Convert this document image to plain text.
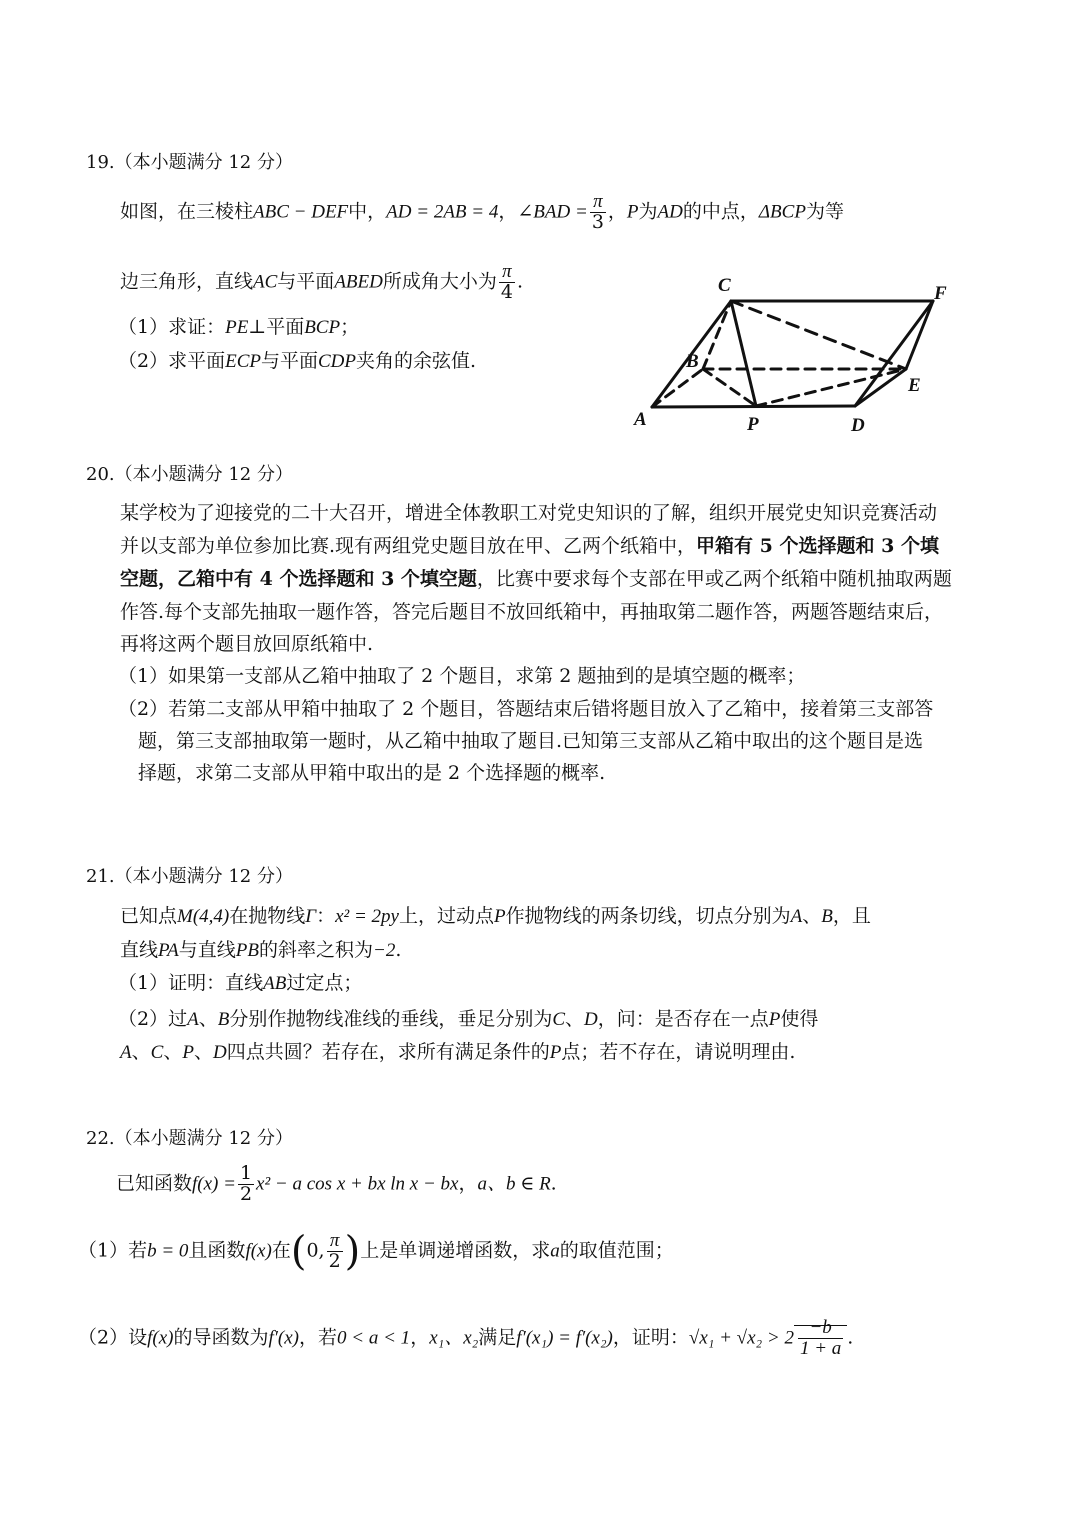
19.（本小题满分 12 分）
如图，在三棱柱ABC − DEF中，AD = 2AB = 4，∠BAD = $\frac{\pi}{3}$ ，P为AD的中点，ΔBCP为等
边三角形，直线AC与平面ABED所成角大小为 $\frac{\pi}{4}$ .
（1）求证：PE⊥平面BCP；
（2）求平面ECP与平面CDP夹角的余弦值.
C	F
B
E
A	P	D
20.（本小题满分 12 分）
某学校为了迎接党的二十大召开，增进全体教职工对党史知识的了解，组织开展党史知识竞赛活动
并以支部为单位参加比赛.现有两组党史题目放在甲、乙两个纸箱中，甲箱有 5 个选择题和 3 个填
空题，乙箱中有 4 个选择题和 3 个填空题，比赛中要求每个支部在甲或乙两个纸箱中随机抽取两题
作答.每个支部先抽取一题作答，答完后题目不放回纸箱中，再抽取第二题作答，两题答题结束后，
再将这两个题目放回原纸箱中.
（1）如果第一支部从乙箱中抽取了 2 个题目，求第 2 题抽到的是填空题的概率；
（2）若第二支部从甲箱中抽取了 2 个题目，答题结束后错将题目放入了乙箱中，接着第三支部答
题，第三支部抽取第一题时，从乙箱中抽取了题目.已知第三支部从乙箱中取出的这个题目是选
择题，求第二支部从甲箱中取出的是 2 个选择题的概率.
21.（本小题满分 12 分）
已知点M(4,4)在抛物线Γ：x² = 2py上，过动点P作抛物线的两条切线，切点分别为A、B，且
直线PA与直线PB的斜率之积为−2.
（1）证明：直线AB过定点；
（2）过A、B分别作抛物线准线的垂线，垂足分别为C、D，问：是否存在一点P使得
A、C、P、D四点共圆？若存在，求所有满足条件的P点；若不存在，请说明理由.
22.（本小题满分 12 分）
已知函数$f(x) = \frac{1}{2} x^2 - a$ cos x + bx ln x − bx，a、b ∈ R.
（1）若b = 0且函数f(x)在(0, $\frac{\pi}{2}$ )上是单调递增函数，求a的取值范围；
（2）设f(x)的导函数为f′(x)，若0 < a < 1，x₁、x₂满足f′(x₁) = f′(x₂)，证明：$√x_1 + √x_2 > 2 \frac{-b}{1 + a}$ .
